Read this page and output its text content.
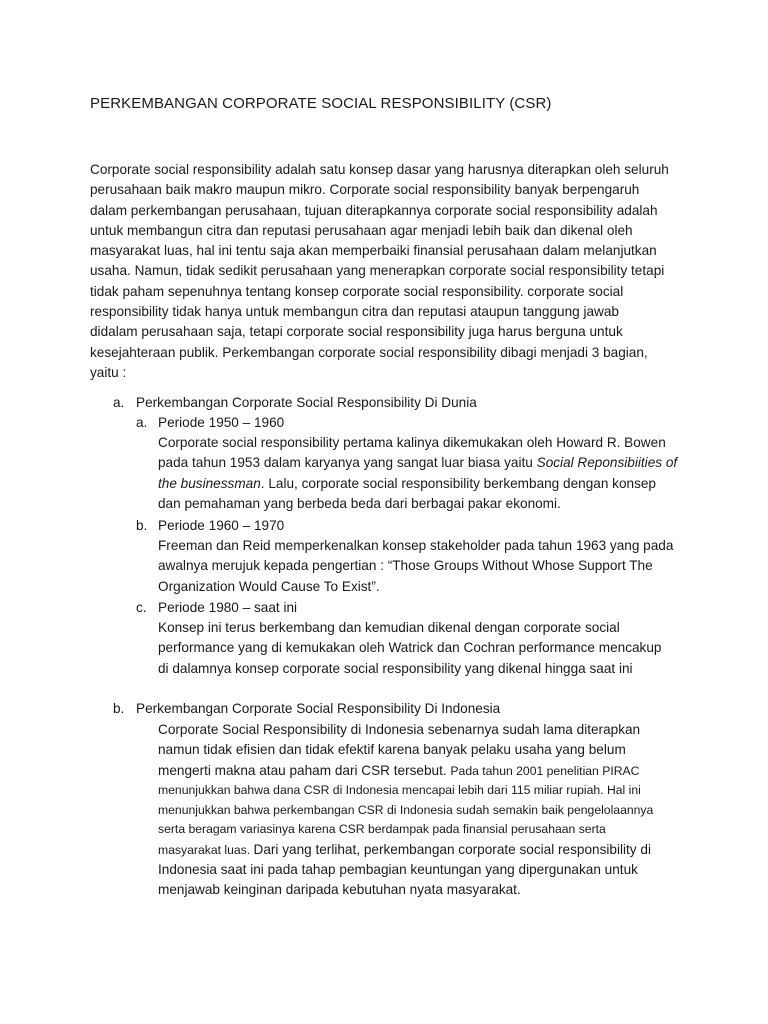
PERKEMBANGAN CORPORATE SOCIAL RESPONSIBILITY (CSR)
Corporate social responsibility adalah satu konsep dasar yang harusnya diterapkan oleh seluruh
perusahaan baik makro maupun mikro. Corporate social responsibility banyak berpengaruh
dalam perkembangan perusahaan, tujuan diterapkannya corporate social responsibility adalah
untuk membangun citra dan reputasi perusahaan agar menjadi lebih baik dan dikenal oleh
masyarakat luas, hal ini tentu saja akan memperbaiki finansial perusahaan dalam melanjutkan
usaha. Namun, tidak sedikit perusahaan yang menerapkan corporate social responsibility tetapi
tidak paham sepenuhnya tentang konsep corporate social responsibility. corporate social
responsibility tidak hanya untuk membangun citra dan reputasi ataupun tanggung jawab
didalam perusahaan saja, tetapi corporate social responsibility juga harus berguna untuk
kesejahteraan publik. Perkembangan corporate social responsibility dibagi menjadi 3 bagian,
yaitu :
a. Perkembangan Corporate Social Responsibility Di Dunia
a. Periode 1950 – 1960
Corporate social responsibility pertama kalinya dikemukakan oleh Howard R. Bowen
pada tahun 1953 dalam karyanya yang sangat luar biasa yaitu Social Reponsibiities of
the businessman. Lalu, corporate social responsibility berkembang dengan konsep
dan pemahaman yang berbeda beda dari berbagai pakar ekonomi.
b. Periode 1960 – 1970
Freeman dan Reid memperkenalkan konsep stakeholder pada tahun 1963 yang pada
awalnya merujuk kepada pengertian : “Those Groups Without Whose Support The
Organization Would Cause To Exist”.
c. Periode 1980 – saat ini
Konsep ini terus berkembang dan kemudian dikenal dengan corporate social
performance yang di kemukakan oleh Watrick dan Cochran performance mencakup
di dalamnya konsep corporate social responsibility yang dikenal hingga saat ini
b. Perkembangan Corporate Social Responsibility Di Indonesia
Corporate Social Responsibility di Indonesia sebenarnya sudah lama diterapkan
namun tidak efisien dan tidak efektif karena banyak pelaku usaha yang belum
mengerti makna atau paham dari CSR tersebut. Pada tahun 2001 penelitian PIRAC
menunjukkan bahwa dana CSR di Indonesia mencapai lebih dari 115 miliar rupiah. Hal ini
menunjukkan bahwa perkembangan CSR di Indonesia sudah semakin baik pengelolaannya
serta beragam variasinya karena CSR berdampak pada finansial perusahaan serta
masyarakat luas. Dari yang terlihat, perkembangan corporate social responsibility di
Indonesia saat ini pada tahap pembagian keuntungan yang dipergunakan untuk
menjawab keinginan daripada kebutuhan nyata masyarakat.
